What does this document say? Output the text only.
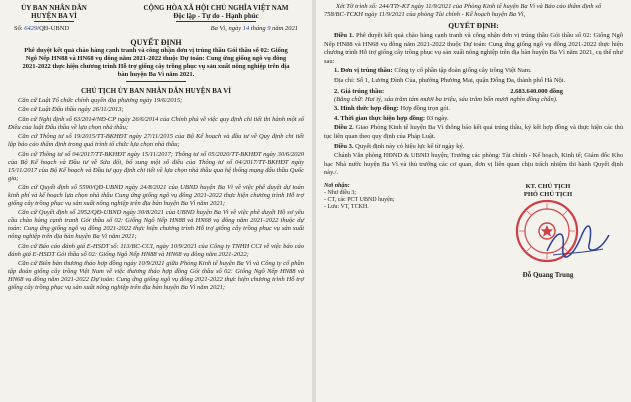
ỦY BAN NHÂN DÂN
HUYỆN BA VÌ
CỘNG HÒA XÃ HỘI CHỦ NGHĨA VIỆT NAM
Độc lập - Tự do - Hạnh phúc
Số: 6429/QĐ-UBND	Ba Vì, ngày 14 tháng 9 năm 2021
QUYẾT ĐỊNH
Phê duyệt kết quả chào hàng cạnh tranh và công nhận đơn vị trúng thầu Gói thầu số 02: Giống Ngô Nếp HN88 và HN68 vụ đông năm 2021-2022 thuộc Dự toán: Cung ứng giống ngô vụ đông 2021-2022 thực hiện chương trình Hỗ trợ giống cây trồng phục vụ sản xuất nông nghiệp trên địa bàn huyện Ba Vì năm 2021.
CHỦ TỊCH ỦY BAN NHÂN DÂN HUYỆN BA VÌ

Căn cứ Luật Tổ chức chính quyền địa phương ngày 19/6/2015;

Căn cứ Luật Đấu thầu ngày 26/11/2013;

Căn cứ Nghị định số 63/2014/NĐ-CP ngày 26/6/2014 của Chính phủ về việc quy định chi tiết thi hành một số Điều của luật Đấu thầu về lựa chọn nhà thầu;

Căn cứ Thông tư số 19/2015/TT-BKHĐT ngày 27/11/2015 của Bộ Kế hoạch và đầu tư về Quy định chi tiết lập báo cáo thẩm định trong quá trình tổ chức lựa chọn nhà thầu;

Căn cứ Thông tư số 04/2017/TT-BKHĐT ngày 15/11/2017; Thông tư số 05/2020/TT-BKHĐT ngày 30/6/2020 của Bộ Kế hoạch và Đầu tư về Sửa đổi, bổ sung một số điều của Thông tư số 04/2017/TT-BKHĐT ngày 15/11/2017 của Bộ Kế hoạch và Đầu tư quy định chi tiết về lựa chọn nhà thầu qua hệ thống mạng đấu thầu Quốc gia;

Căn cứ Quyết định số 5590/QĐ-UBND ngày 24/8/2021 của UBND huyện Ba Vì về việc phê duyệt dự toán kinh phí và kế hoạch lựa chọn nhà thầu Cung ứng giống ngô vụ đông 2021-2022 thực hiện chương trình Hỗ trợ giống cây trồng phục vụ sản xuất nông nghiệp trên địa bàn huyện Ba Vì năm 2021;

Căn cứ Quyết định số 2952/QĐ-UBND ngày 30/8/2021 của UBND huyện Ba Vì về việc phê duyệt Hồ sơ yêu cầu chào hàng cạnh tranh Gói thầu số 02: Giống Ngô Nếp HN88 và HN68 vụ đông năm 2021-2022 thuộc dự toán: Cung ứng giống ngô vụ đông 2021-2022 thực hiện chương trình Hỗ trợ giống cây trồng phục vụ sản xuất nông nghiệp trên địa bàn huyện Ba Vì năm 2021;

Căn cứ Báo cáo đánh giá E-HSDT số: 113/BC-CCI, ngày 10/9/2021 của Công ty TNHH CCI về việc báo cáo đánh giá E-HSDT Gói thầu số 02: Giống Ngô Nếp HN88 và HN68 vụ đông năm 2021-2022;

Căn cứ Biên bản thương thảo hợp đồng ngày 10/9/2021 giữa Phòng Kinh tế huyện Ba Vì và Công ty cổ phần tập đoàn giống cây trồng Việt Nam về việc thương thảo hợp đồng Gói thầu số 02: Giống Ngô Nếp HN88 và HN68 vụ đông năm 2021-2022 Dự toán: Cung ứng giống ngô vụ đông 2021-2022 thực hiện chương trình Hỗ trợ giống cây trồng phục vụ sản xuất nông nghiệp trên địa bàn huyện Ba Vì năm 2021;

Xét Tờ trình số: 244/TTr-KT ngày 11/9/2021 của Phòng Kinh tế huyện Ba Vì và Báo cáo thẩm định số 758/BC-TCKH ngày 11/9/2021 của phòng Tài chính - Kế hoạch huyện Ba Vì,
QUYẾT ĐỊNH:

Điều 1. Phê duyệt kết quả chào hàng cạnh tranh và công nhận đơn vị trúng thầu Gói thầu số 02: Giống Ngô Nếp HN88 và HN68 vụ đông năm 2021-2022 thuộc Dự toán: Cung ứng giống ngô vụ đông 2021-2022 thực hiện chương trình Hỗ trợ giống cây trồng phục vụ sản xuất nông nghiệp trên địa bàn huyện Ba Vì năm 2021, cụ thể như sau:

1. Đơn vị trúng thầu: Công ty cổ phần tập đoàn giống cây trồng Việt Nam.

Địa chỉ: Số 1, Lương Đình Của, phường Phương Mai, quận Đống Đa, thành phố Hà Nội.

2. Giá trúng thầu:	2.683.640.000 đồng

(Bằng chữ: Hai tỷ, sáu trăm tám mươi ba triệu, sáu trăm bốn mươi nghìn đồng chẵn).

3. Hình thức hợp đồng: Hợp đồng trọn gói.

4. Thời gian thực hiện hợp đồng: 03 ngày.

Điều 2. Giao Phòng Kinh tế huyện Ba Vì thông báo kết quả trúng thầu, ký kết hợp đồng và thực hiện các thủ tục liên quan theo quy định của Pháp Luật.

Điều 3. Quyết định này có hiệu lực kể từ ngày ký.

Chánh Văn phòng HĐND & UBND huyện; Trưởng các phòng: Tài chính - Kế hoạch, Kinh tế; Giám đốc Kho bạc Nhà nước huyện Ba Vì và thủ trưởng các cơ quan, đơn vị liên quan chịu trách nhiệm thi hành Quyết định này./.

Nơi nhận:
- Như điều 3;
- CT, các PCT UBND huyện;
- Lưu: VT, TCKH.
KT. CHỦ TỊCH
PHÓ CHỦ TỊCH
Đỗ Quang Trung
